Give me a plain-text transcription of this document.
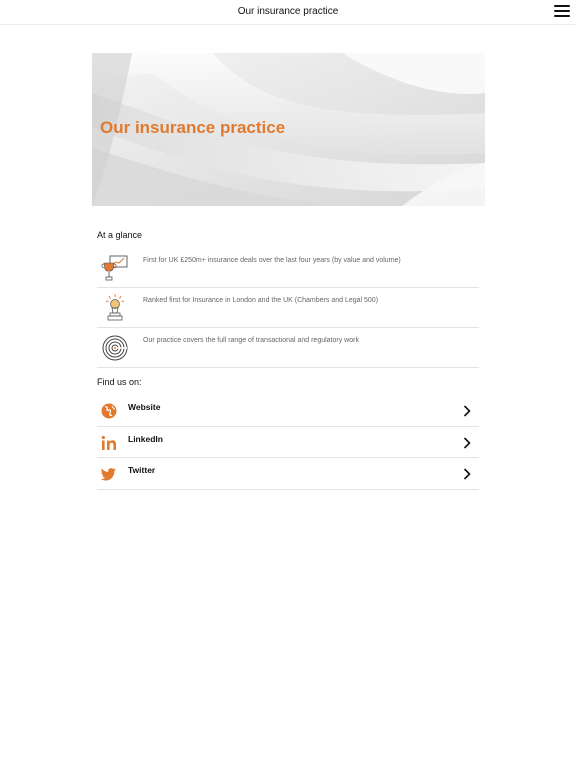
Our insurance practice
Our insurance practice
At a glance
First for UK £250m+ insurance deals over the last four years (by value and volume)
Ranked first for Insurance in London and the UK (Chambers and Legal 500)
Our practice covers the full range of transactional and regulatory work
Find us on:
Website
LinkedIn
Twitter
